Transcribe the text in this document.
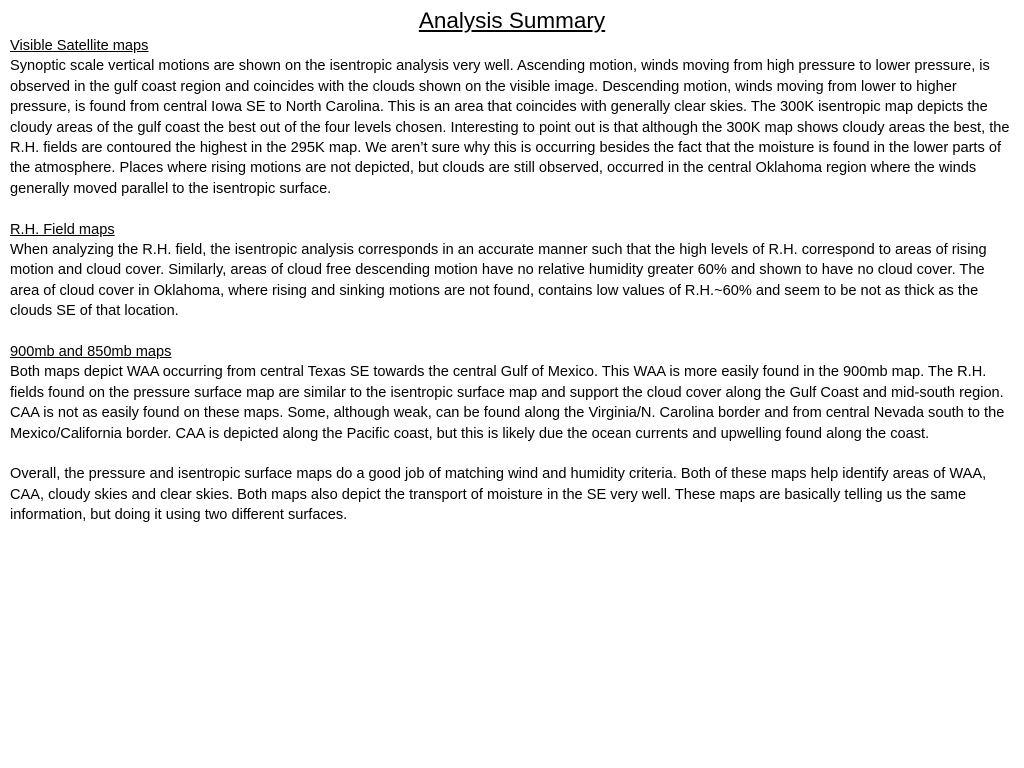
Analysis Summary
Visible Satellite maps
Synoptic scale vertical motions are shown on the isentropic analysis very well. Ascending motion, winds moving from high pressure to lower pressure, is observed in the gulf coast region and coincides with the clouds shown on the visible image. Descending motion, winds moving from lower to higher pressure, is found from central Iowa SE to North Carolina. This is an area that coincides with generally clear skies. The 300K isentropic map depicts the cloudy areas of the gulf coast the best out of the four levels chosen. Interesting to point out is that although the 300K map shows cloudy areas the best, the R.H. fields are contoured the highest in the 295K map. We aren’t sure why this is occurring besides the fact that the moisture is found in the lower parts of the atmosphere. Places where rising motions are not depicted, but clouds are still observed, occurred in the central Oklahoma region where the winds generally moved parallel to the isentropic surface.
R.H. Field maps
When analyzing the R.H. field, the isentropic analysis corresponds in an accurate manner such that the high levels of R.H. correspond to areas of rising motion and cloud cover. Similarly, areas of cloud free descending motion have no relative humidity greater 60% and shown to have no cloud cover. The area of cloud cover in Oklahoma, where rising and sinking motions are not found, contains low values of R.H.~60% and seem to be not as thick as the clouds SE of that location.
900mb and 850mb maps
Both maps depict WAA occurring from central Texas SE towards the central Gulf of Mexico. This WAA is more easily found in the 900mb map. The R.H. fields found on the pressure surface map are similar to the isentropic surface map and support the cloud cover along the Gulf Coast and mid-south region.
CAA is not as easily found on these maps. Some, although weak, can be found along the Virginia/N. Carolina border and from central Nevada south to the Mexico/California border. CAA is depicted along the Pacific coast, but this is likely due the ocean currents and upwelling found along the coast.
Overall, the pressure and isentropic surface maps do a good job of matching wind and humidity criteria. Both of these maps help identify areas of WAA, CAA, cloudy skies and clear skies. Both maps also depict the transport of moisture in the SE very well. These maps are basically telling us the same information, but doing it using two different surfaces.
